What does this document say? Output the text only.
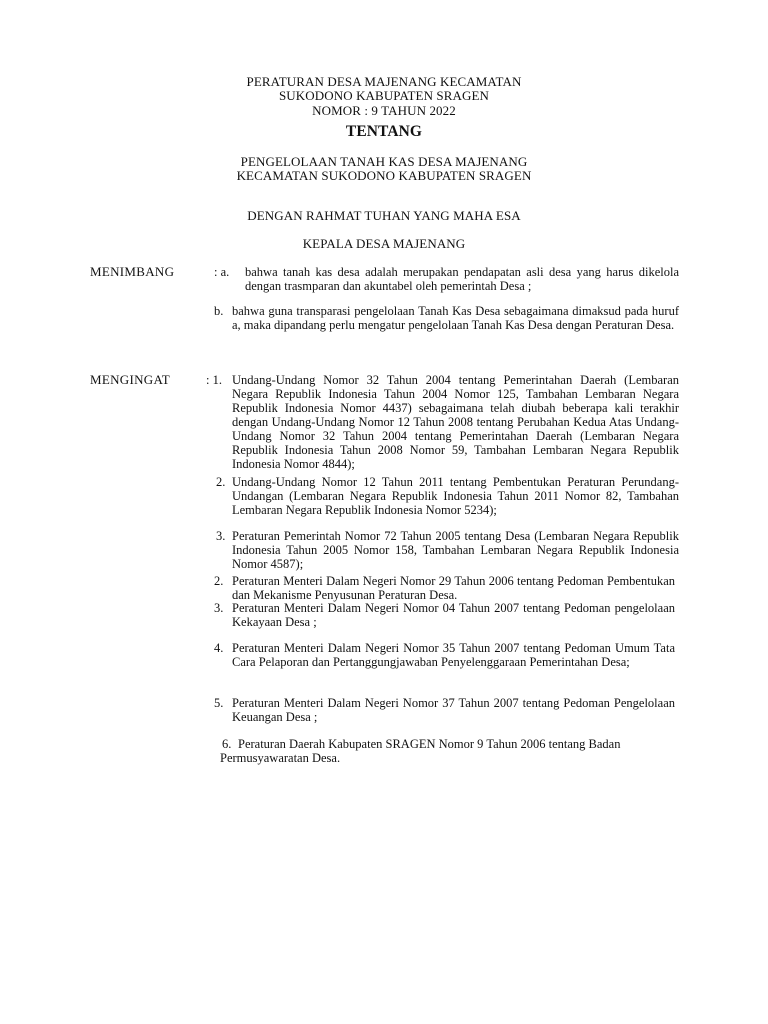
PERATURAN DESA MAJENANG KECAMATAN
SUKODONO KABUPATEN SRAGEN
NOMOR : 9 TAHUN 2022
TENTANG
PENGELOLAAN TANAH KAS DESA MAJENANG
KECAMATAN SUKODONO KABUPATEN SRAGEN
DENGAN RAHMAT TUHAN YANG MAHA ESA
KEPALA DESA MAJENANG
MENIMBANG	: a. bahwa tanah kas desa adalah merupakan pendapatan asli desa yang harus dikelola dengan trasmparan dan akuntabel oleh pemerintah Desa ;

b. bahwa guna transparasi pengelolaan Tanah Kas Desa sebagaimana dimaksud pada huruf a, maka dipandang perlu mengatur pengelolaan Tanah Kas Desa dengan Peraturan Desa.

MENGINGAT	: 1. Undang-Undang Nomor 32 Tahun 2004 tentang Pemerintahan Daerah (Lembaran Negara Republik Indonesia Tahun 2004 Nomor 125, Tambahan Lembaran Negara Republik Indonesia Nomor 4437) sebagaimana telah diubah beberapa kali terakhir dengan Undang-Undang Nomor 12 Tahun 2008 tentang Perubahan Kedua Atas Undang-Undang Nomor 32 Tahun 2004 tentang Pemerintahan Daerah (Lembaran Negara Republik Indonesia Tahun 2008 Nomor 59, Tambahan Lembaran Negara Republik Indonesia Nomor 4844);

2. Undang-Undang Nomor 12 Tahun 2011 tentang Pembentukan Peraturan Perundang-Undangan (Lembaran Negara Republik Indonesia Tahun 2011 Nomor 82, Tambahan Lembaran Negara Republik Indonesia Nomor 5234);

3. Peraturan Pemerintah Nomor 72 Tahun 2005 tentang Desa (Lembaran Negara Republik Indonesia Tahun 2005 Nomor 158, Tambahan Lembaran Negara Republik Indonesia Nomor 4587);

2. Peraturan Menteri Dalam Negeri Nomor 29 Tahun 2006 tentang Pedoman Pembentukan dan Mekanisme Penyusunan Peraturan Desa.

3. Peraturan Menteri Dalam Negeri Nomor 04 Tahun 2007 tentang Pedoman pengelolaan Kekayaan Desa ;

4. Peraturan Menteri Dalam Negeri Nomor 35 Tahun 2007 tentang Pedoman Umum Tata Cara Pelaporan dan Pertanggungjawaban Penyelenggaraan Pemerintahan Desa;

5. Peraturan Menteri Dalam Negeri Nomor 37 Tahun 2007 tentang Pedoman Pengelolaan Keuangan Desa ;

6. Peraturan Daerah Kabupaten SRAGEN Nomor 9 Tahun 2006 tentang Badan Permusyawaratan Desa.
